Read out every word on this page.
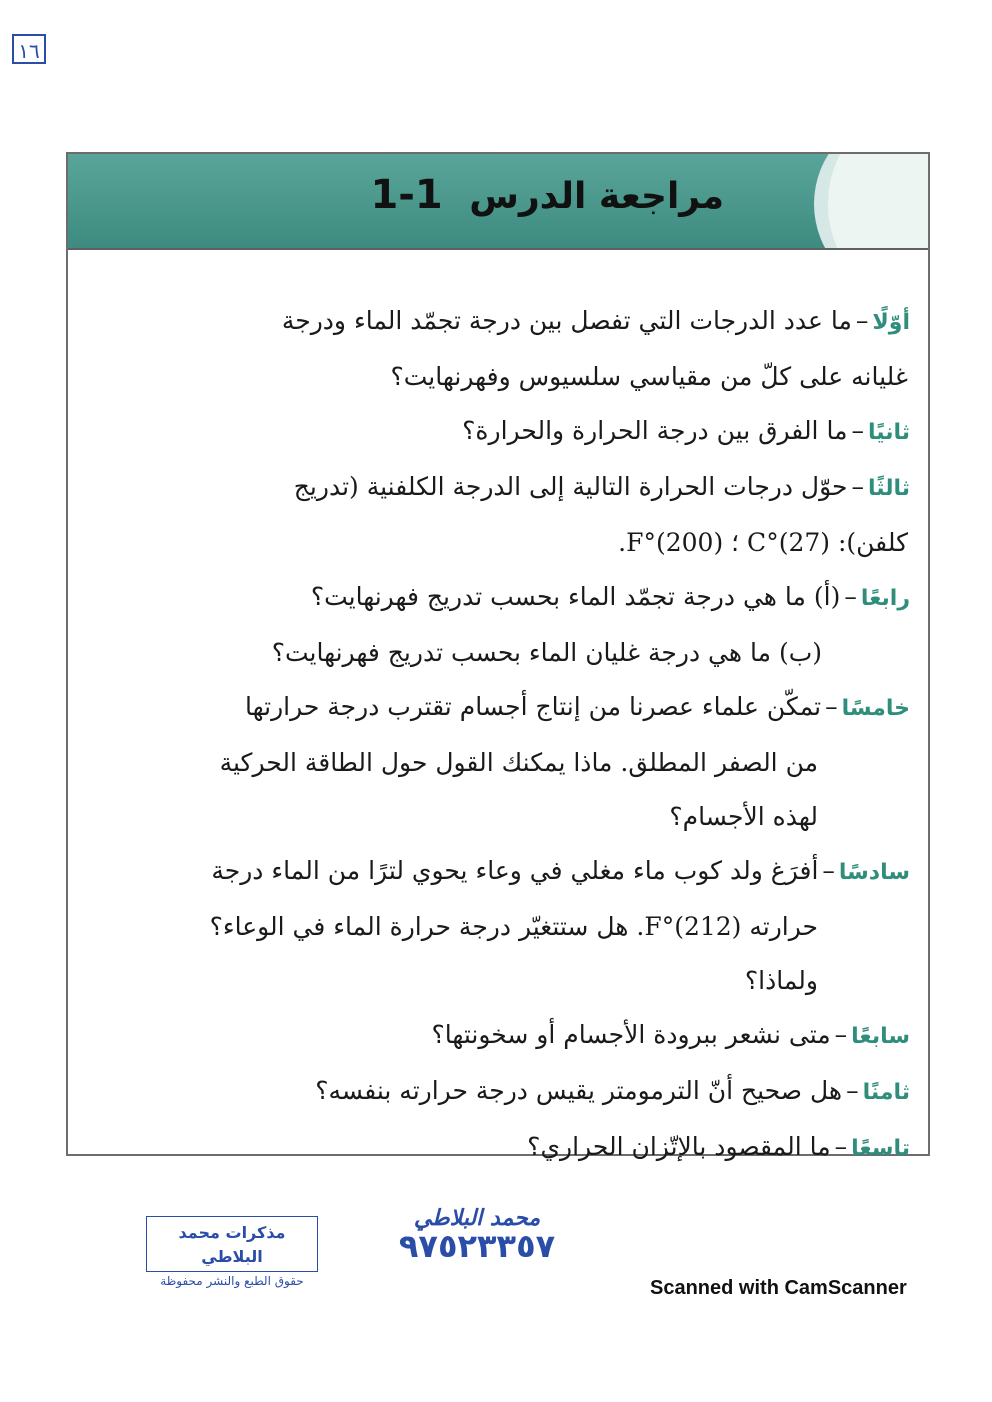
١٦
مراجعة الدرس 1-1

أوّلًا–ما عدد الدرجات التي تفصل بين درجة تجمّد الماء ودرجة
غليانه على كلّ من مقياسي سلسيوس وفهرنهايت؟

ثانيًا–ما الفرق بين درجة الحرارة والحرارة؟

ثالثًا–حوّل درجات الحرارة التالية إلى الدرجة الكلفنية (تدريج
كلفن): (27)°C ؛ (200)°F.

رابعًا–(أ) ما هي درجة تجمّد الماء بحسب تدريج فهرنهايت؟
(ب) ما هي درجة غليان الماء بحسب تدريج فهرنهايت؟

خامسًا–تمكّن علماء عصرنا من إنتاج أجسام تقترب درجة حرارتها
من الصفر المطلق. ماذا يمكنك القول حول الطاقة الحركية
لهذه الأجسام؟

سادسًا–أفرَغ ولد كوب ماء مغلي في وعاء يحوي لترًا من الماء درجة
حرارته (212)°F. هل ستتغيّر درجة حرارة الماء في الوعاء؟
ولماذا؟

سابعًا–متى نشعر ببرودة الأجسام أو سخونتها؟

ثامنًا–هل صحيح أنّ الترمومتر يقيس درجة حرارته بنفسه؟

تاسعًا–ما المقصود بالإتّزان الحراري؟

مذكرات محمد البلاطي
حقوق الطبع والنشر محفوظة
محمد البلاطي
٩٧٥٢٣٣٥٧
Scanned with CamScanner
